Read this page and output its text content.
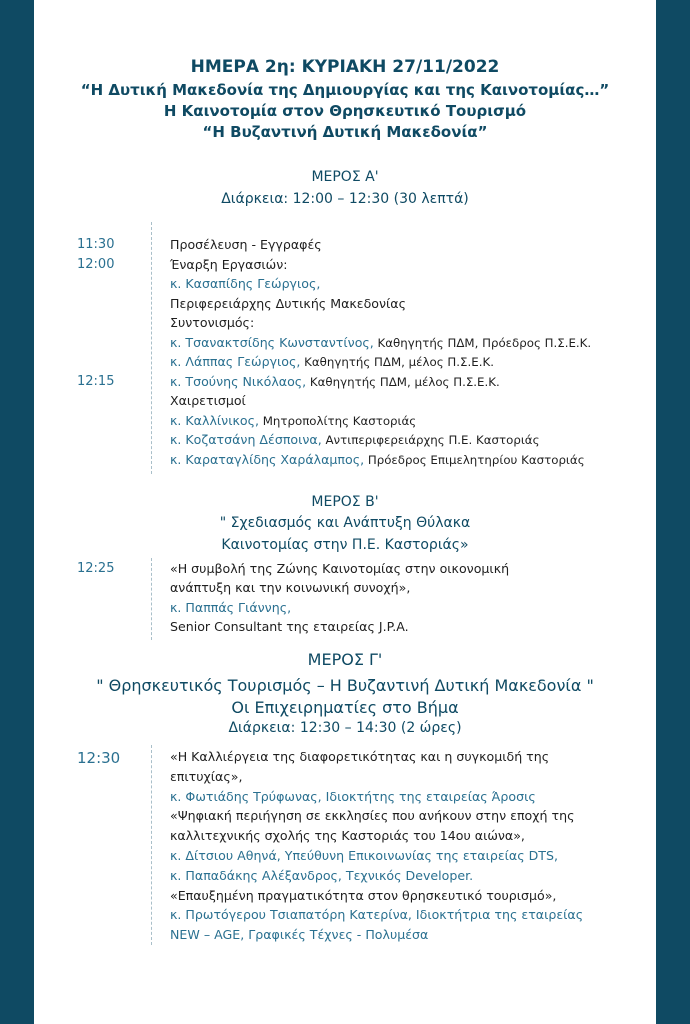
ΗΜΕΡΑ 2η: ΚΥΡΙΑΚΗ 27/11/2022
“Η Δυτική Μακεδονία της Δημιουργίας και της Καινοτομίας…”
Η Καινοτομία στον Θρησκευτικό Τουρισμό
“Η Βυζαντινή Δυτική Μακεδονία”
ΜΕΡΟΣ Α'
Διάρκεια: 12:00 – 12:30 (30 λεπτά)
11:30	Προσέλευση - Εγγραφές
12:00	Έναρξη Εργασιών:
κ. Κασαπίδης Γεώργιος,
Περιφερειάρχης Δυτικής Μακεδονίας
Συντονισμός:
κ. Τσανακτσίδης Κωνσταντίνος, Καθηγητής ΠΔΜ, Πρόεδρος Π.Σ.Ε.Κ.
κ. Λάππας Γεώργιος, Καθηγητής ΠΔΜ, μέλος Π.Σ.Ε.Κ.
12:15	κ. Τσούνης Νικόλαος, Καθηγητής ΠΔΜ, μέλος Π.Σ.Ε.Κ.
Χαιρετισμοί
κ. Καλλίνικος, Μητροπολίτης Καστοριάς
κ. Κοζατσάνη Δέσποινα, Αντιπεριφερειάρχης Π.Ε. Καστοριάς
κ. Καραταγλίδης Χαράλαμπος, Πρόεδρος Επιμελητηρίου Καστοριάς
ΜΕΡΟΣ Β'
" Σχεδιασμός και Ανάπτυξη Θύλακα
Καινοτομίας στην Π.Ε. Καστοριάς»
12:25	«Η συμβολή της Ζώνης Καινοτομίας στην οικονομική
ανάπτυξη και την κοινωνική συνοχή»,
κ. Παππάς Γιάννης,
Senior Consultant της εταιρείας J.P.A.
ΜΕΡΟΣ Γ'
" Θρησκευτικός Τουρισμός – Η Βυζαντινή Δυτική Μακεδονία "
Οι Επιχειρηματίες στο Βήμα
Διάρκεια: 12:30 – 14:30 (2 ώρες)
12:30	«Η Καλλιέργεια της διαφορετικότητας και η συγκομιδή της
επιτυχίας»,
κ. Φωτιάδης Τρύφωνας, Ιδιοκτήτης της εταιρείας Άροσις
«Ψηφιακή περιήγηση σε εκκλησίες που ανήκουν στην εποχή της
καλλιτεχνικής σχολής της Καστοριάς του 14ου αιώνα»,
κ. Δίτσιου Αθηνά, Υπεύθυνη Επικοινωνίας της εταιρείας DTS,
κ. Παπαδάκης Αλέξανδρος, Τεχνικός Developer.
«Επαυξημένη πραγματικότητα στον θρησκευτικό τουρισμό»,
κ. Πρωτόγερου Τσιαπατόρη Κατερίνα, Ιδιοκτήτρια της εταιρείας
NEW – AGE, Γραφικές Τέχνες - Πολυμέσα
